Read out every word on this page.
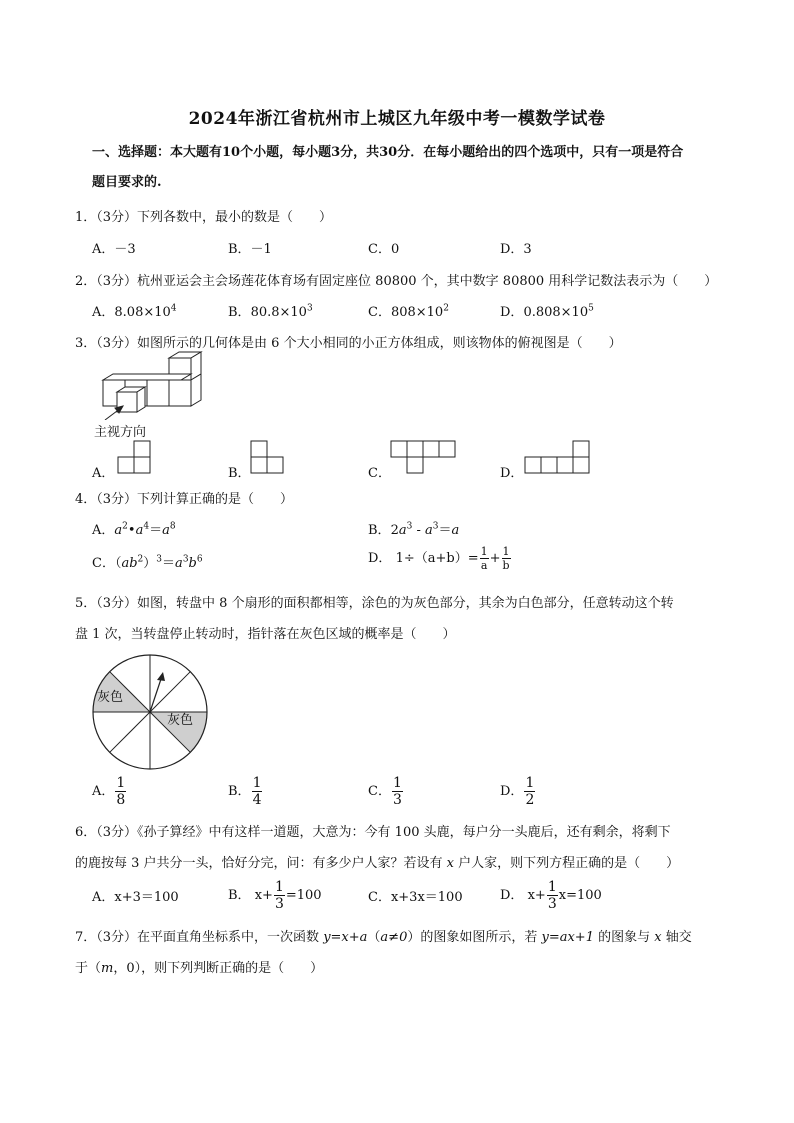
2024年浙江省杭州市上城区九年级中考一模数学试卷
一、选择题：本大题有10个小题，每小题3分，共30分．在每小题给出的四个选项中，只有一项是符合
题目要求的.
1．（3分）下列各数中，最小的数是（　　）
A．－3	B．－1	C．0	D．3
2．（3分）杭州亚运会主会场莲花体育场有固定座位 80800 个，其中数字 80800 用科学记数法表示为（　　）
A．$8.08\times 10^4$	B．$80.8\times 10^3$	C．$808\times 10^2$	D．$0.808\times 10^5$
3．（3分）如图所示的几何体是由 6 个大小相同的小正方体组成，则该物体的俯视图是（　　）
主视方向
A．	B．	C．	D．
4．（3分）下列计算正确的是（　　）
A．$a^2•a^4=a^8$	B．$2a^3 - a^3=a$
C．$(ab^2)^3=a^3b^6$	D． $1\div(a+b)= \frac{1}{a} + \frac{1}{b}$
5．（3分）如图，转盘中 8 个扇形的面积都相等，涂色的为灰色部分，其余为白色部分，任意转动这个转
盘 1 次，当转盘停止转动时，指针落在灰色区域的概率是（　　）
灰色
灰色
A． $\frac{1}{8}$	B． $\frac{1}{4}$	C． $\frac{1}{3}$	D． $\frac{1}{2}$
6．（3分）《孙子算经》中有这样一道题，大意为：今有 100 头鹿，每户分一头鹿后，还有剩余，将剩下
的鹿按每 3 户共分一头，恰好分完，问：有多少户人家？若设有 x 户人家，则下列方程正确的是（　　）
A．x+3＝100	B． $x+ \frac{1}{3} =100$	C．x+3x＝100	D． $x+ \frac{1}{3} x=100$
7．（3分）在平面直角坐标系中，一次函数 y=x+a（a≠0）的图象如图所示，若 y=ax+1 的图象与 x 轴交
于（m，0），则下列判断正确的是（　　）
